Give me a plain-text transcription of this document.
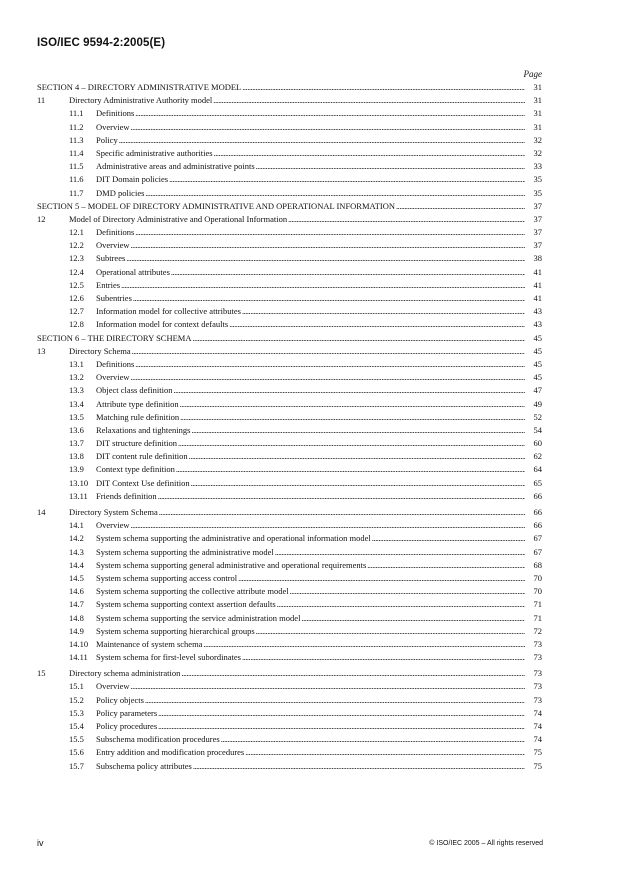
ISO/IEC 9594-2:2005(E)
Page
SECTION 4 – DIRECTORY ADMINISTRATIVE MODEL . . .	31
11	Directory Administrative Authority model . . .	31
11.1	Definitions . . .	31
11.2	Overview . . .	31
11.3	Policy . . .	32
11.4	Specific administrative authorities . . .	32
11.5	Administrative areas and administrative points . . .	33
11.6	DIT Domain policies . . .	35
11.7	DMD policies . . .	35
SECTION 5 – MODEL OF DIRECTORY ADMINISTRATIVE AND OPERATIONAL INFORMATION . . .	37
12	Model of Directory Administrative and Operational Information . . .	37
12.1	Definitions . . .	37
12.2	Overview . . .	37
12.3	Subtrees . . .	38
12.4	Operational attributes . . .	41
12.5	Entries . . .	41
12.6	Subentries . . .	41
12.7	Information model for collective attributes . . .	43
12.8	Information model for context defaults . . .	43
SECTION 6 – THE DIRECTORY SCHEMA . . .	45
13	Directory Schema . . .	45
13.1	Definitions . . .	45
13.2	Overview . . .	45
13.3	Object class definition . . .	47
13.4	Attribute type definition . . .	49
13.5	Matching rule definition . . .	52
13.6	Relaxations and tightenings . . .	54
13.7	DIT structure definition . . .	60
13.8	DIT content rule definition . . .	62
13.9	Context type definition . . .	64
13.10 DIT Context Use definition . . .	65
13.11 Friends definition . . .	66
14	Directory System Schema . . .	66
14.1	Overview . . .	66
14.2	System schema supporting the administrative and operational information model . . .	67
14.3	System schema supporting the administrative model . . .	67
14.4	System schema supporting general administrative and operational requirements . . .	68
14.5	System schema supporting access control . . .	70
14.6	System schema supporting the collective attribute model . . .	70
14.7	System schema supporting context assertion defaults . . .	71
14.8	System schema supporting the service administration model . . .	71
14.9	System schema supporting hierarchical groups . . .	72
14.10 Maintenance of system schema . . .	73
14.11 System schema for first-level subordinates . . .	73
15	Directory schema administration . . .	73
15.1	Overview . . .	73
15.2	Policy objects . . .	73
15.3	Policy parameters . . .	74
15.4	Policy procedures . . .	74
15.5	Subschema modification procedures . . .	74
15.6	Entry addition and modification procedures . . .	75
15.7	Subschema policy attributes . . .	75
iv	© ISO/IEC 2005 – All rights reserved
